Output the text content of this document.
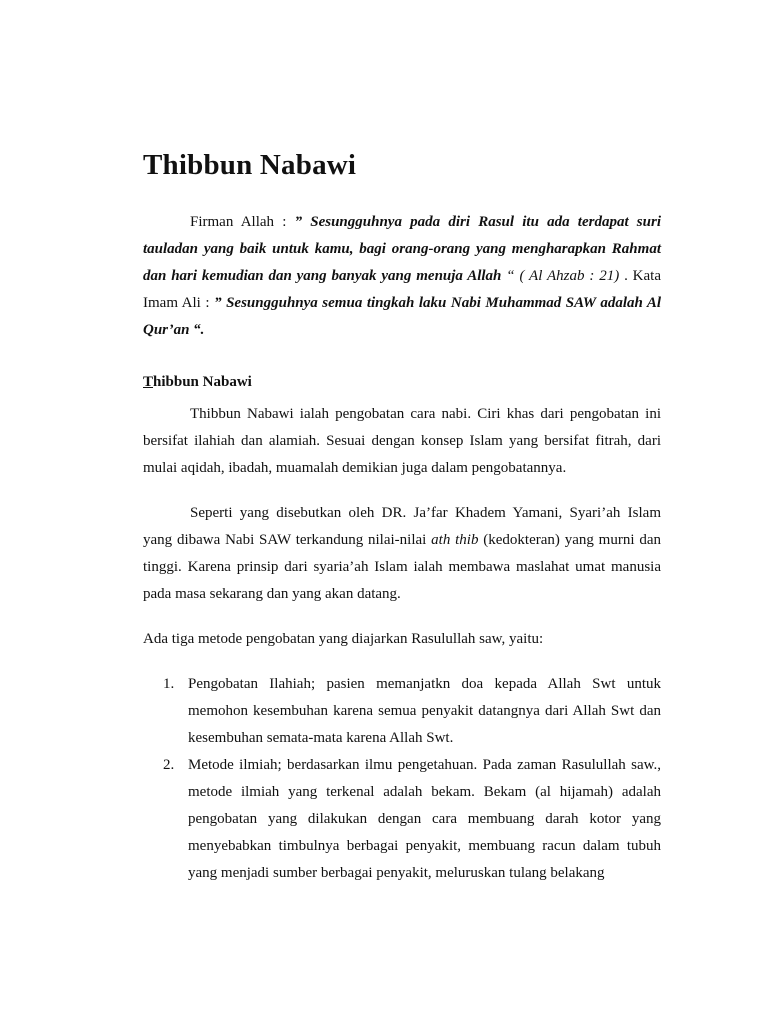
Thibbun Nabawi

Firman Allah : ” Sesungguhnya pada diri Rasul itu ada terdapat suri tauladan yang baik untuk kamu, bagi orang-orang yang mengharapkan Rahmat dan hari kemudian dan yang banyak yang menuja Allah “ ( Al Ahzab : 21) . Kata Imam Ali : ” Sesungguhnya semua tingkah laku Nabi Muhammad SAW adalah Al Qur’an “.

Thibbun Nabawi

Thibbun Nabawi ialah pengobatan cara nabi. Ciri khas dari pengobatan ini bersifat ilahiah dan alamiah. Sesuai dengan konsep Islam yang bersifat fitrah, dari mulai aqidah, ibadah, muamalah demikian juga dalam pengobatannya.

Seperti yang disebutkan oleh DR. Ja’far Khadem Yamani, Syari’ah Islam yang dibawa Nabi SAW terkandung nilai-nilai ath thib (kedokteran) yang murni dan tinggi. Karena prinsip dari syaria’ah Islam ialah membawa maslahat umat manusia pada masa sekarang dan yang akan datang.

Ada tiga metode pengobatan yang diajarkan Rasulullah saw, yaitu:

1. Pengobatan Ilahiah; pasien memanjatkn doa kepada Allah Swt untuk memohon kesembuhan karena semua penyakit datangnya dari Allah Swt dan kesembuhan semata-mata karena Allah Swt.
2. Metode ilmiah; berdasarkan ilmu pengetahuan. Pada zaman Rasulullah saw., metode ilmiah yang terkenal adalah bekam. Bekam (al hijamah) adalah pengobatan yang dilakukan dengan cara membuang darah kotor yang menyebabkan timbulnya berbagai penyakit, membuang racun dalam tubuh yang menjadi sumber berbagai penyakit, meluruskan tulang belakang
